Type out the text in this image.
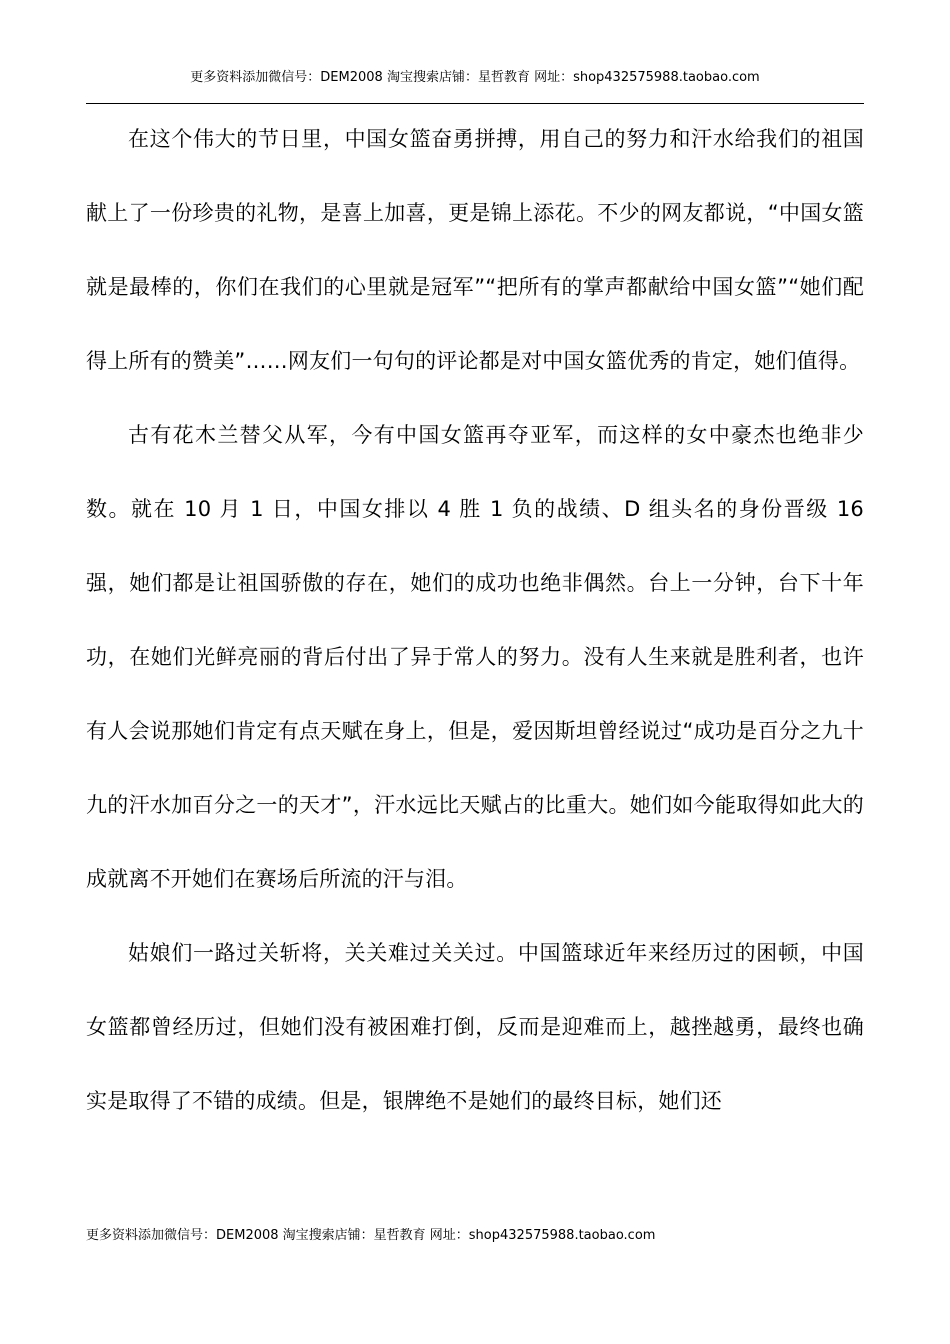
更多资料添加微信号：DEM2008 淘宝搜索店铺：星哲教育 网址：shop432575988.taobao.com

在这个伟大的节日里，中国女篮奋勇拼搏，用自己的努力和汗水给我们的祖国献上了一份珍贵的礼物，是喜上加喜，更是锦上添花。不少的网友都说，“中国女篮就是最棒的，你们在我们的心里就是冠军”“把所有的掌声都献给中国女篮”“她们配得上所有的赞美”……网友们一句句的评论都是对中国女篮优秀的肯定，她们值得。

古有花木兰替父从军，今有中国女篮再夺亚军，而这样的女中豪杰也绝非少数。就在 10 月 1 日，中国女排以 4 胜 1 负的战绩、D 组头名的身份晋级 16 强，她们都是让祖国骄傲的存在，她们的成功也绝非偶然。台上一分钟，台下十年功，在她们光鲜亮丽的背后付出了异于常人的努力。没有人生来就是胜利者，也许有人会说那她们肯定有点天赋在身上，但是，爱因斯坦曾经说过“成功是百分之九十九的汗水加百分之一的天才”，汗水远比天赋占的比重大。她们如今能取得如此大的成就离不开她们在赛场后所流的汗与泪。

姑娘们一路过关斩将，关关难过关关过。中国篮球近年来经历过的困顿，中国女篮都曾经历过，但她们没有被困难打倒，反而是迎难而上，越挫越勇，最终也确实是取得了不错的成绩。但是，银牌绝不是她们的最终目标，她们还

更多资料添加微信号：DEM2008 淘宝搜索店铺：星哲教育 网址：shop432575988.taobao.com
